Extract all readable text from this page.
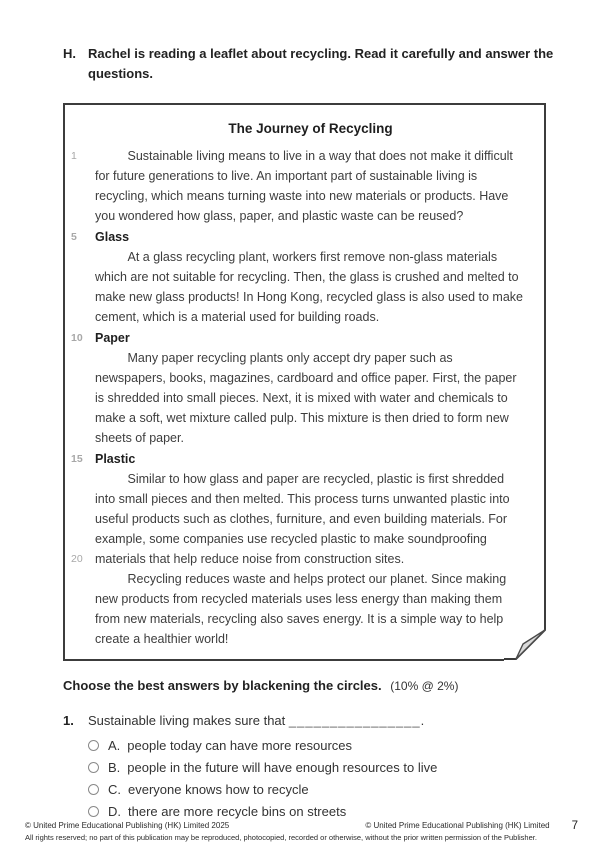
H. Rachel is reading a leaflet about recycling. Read it carefully and answer the questions.
The Journey of Recycling
1	Sustainable living means to live in a way that does not make it difficult for future generations to live. An important part of sustainable living is recycling, which means turning waste into new materials or products. Have you wondered how glass, paper, and plastic waste can be reused?

5 Glass

At a glass recycling plant, workers first remove non-glass materials which are not suitable for recycling. Then, the glass is crushed and melted to make new glass products! In Hong Kong, recycled glass is also used to make cement, which is a material used for building roads.

10 Paper

Many paper recycling plants only accept dry paper such as newspapers, books, magazines, cardboard and office paper. First, the paper is shredded into small pieces. Next, it is mixed with water and chemicals to make a soft, wet mixture called pulp. This mixture is then dried to form new sheets of paper.

15 Plastic

20

Similar to how glass and paper are recycled, plastic is first shredded into small pieces and then melted. This process turns unwanted plastic into useful products such as clothes, furniture, and even building materials. For example, some companies use recycled plastic to make soundproofing materials that help reduce noise from construction sites.

Recycling reduces waste and helps protect our planet. Since making new products from recycled materials uses less energy than making them from new materials, recycling also saves energy. It is a simple way to help create a healthier world!

Choose the best answers by blackening the circles. (10% @ 2%)
1.	Sustainable living makes sure that ________________.
A. people today can have more resources
B. people in the future will have enough resources to live
C. everyone knows how to recycle
D. there are more recycle bins on streets
© United Prime Educational Publishing (HK) Limited 2025	© United Prime Educational Publishing (HK) Limited 7
All rights reserved; no part of this publication may be reproduced, photocopied, recorded or otherwise, without the prior written permission of the Publisher.
